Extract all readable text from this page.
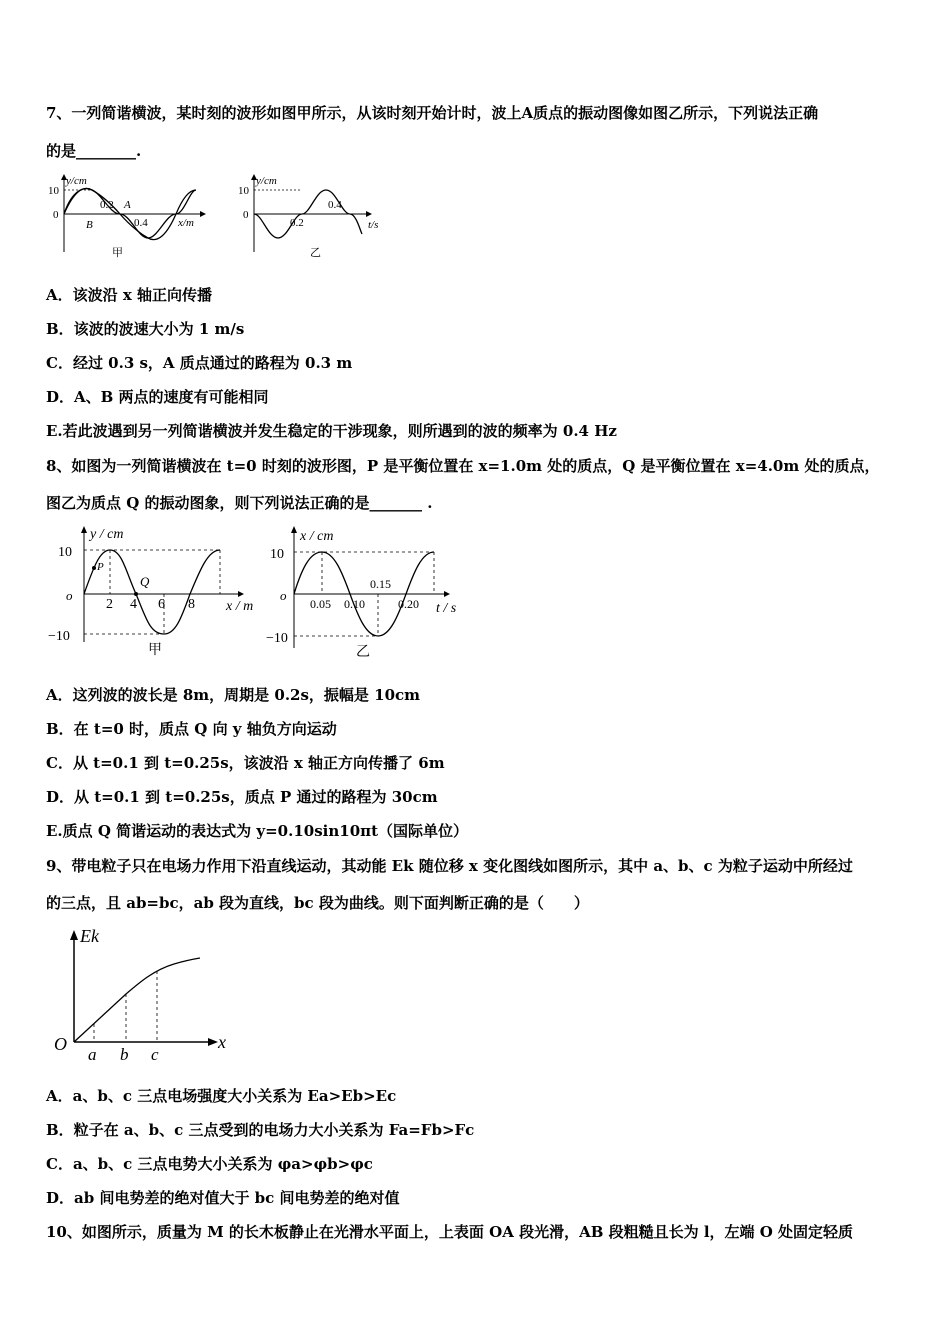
7、一列简谐横波，某时刻的波形如图甲所示，从该时刻开始计时，波上A质点的振动图像如图乙所示，下列说法正确
的是________.
y/cm
10
0
0.2 A
B	0.4	x/m
甲
y/cm
10
0
0.2
0.4
t/s
乙
A．该波沿 x 轴正向传播
B．该波的波速大小为 1 m/s
C．经过 0.3 s，A 质点通过的路程为 0.3 m
D．A、B 两点的速度有可能相同
E.若此波遇到另一列简谐横波并发生稳定的干涉现象，则所遇到的波的频率为 0.4 Hz
8、如图为一列简谐横波在 t=0 时刻的波形图，P 是平衡位置在 x=1.0m 处的质点，Q 是平衡位置在 x=4.0m 处的质点，
图乙为质点 Q 的振动图象，则下列说法正确的是_______ .
y / cm
10
o
−10
P
Q
2 4 6 8 x / m
甲
x / cm
10
o
−10
0.05 0.10
0.15
0.20 t / s
乙
A．这列波的波长是 8m，周期是 0.2s，振幅是 10cm
B．在 t=0 时，质点 Q 向 y 轴负方向运动
C．从 t=0.1 到 t=0.25s，该波沿 x 轴正方向传播了 6m
D．从 t=0.1 到 t=0.25s，质点 P 通过的路程为 30cm
E.质点 Q 简谐运动的表达式为 y=0.10sin10πt（国际单位）
9、带电粒子只在电场力作用下沿直线运动，其动能 Ek 随位移 x 变化图线如图所示，其中 a、b、c 为粒子运动中所经过
的三点，且 ab=bc，ab 段为直线，bc 段为曲线。则下面判断正确的是（　　）
Ek
O	x
a b c
A．a、b、c 三点电场强度大小关系为 Ea>Eb>Ec
B．粒子在 a、b、c 三点受到的电场力大小关系为 Fa=Fb>Fc
C．a、b、c 三点电势大小关系为 φa>φb>φc
D．ab 间电势差的绝对值大于 bc 间电势差的绝对值
10、如图所示，质量为 M 的长木板静止在光滑水平面上，上表面 OA 段光滑，AB 段粗糙且长为 l，左端 O 处固定轻质
